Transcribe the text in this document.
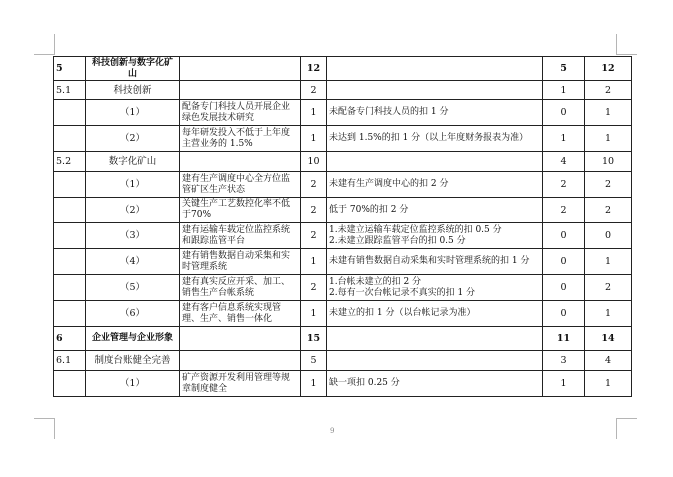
5	科技创新与数字化矿山		12		5	12
5.1	科技创新		2		1	2
	（1）	配备专门科技人员开展企业绿色发展技术研究	1	未配备专门科技人员的扣 1 分	0	1
	（2）	每年研发投入不低于上年度主营业务的 1.5%	1	未达到 1.5%的扣 1 分（以上年度财务报表为准）	1	1
5.2	数字化矿山		10		4	10
	（1）	建有生产调度中心全方位监管矿区生产状态	2	未建有生产调度中心的扣 2 分	2	2
	（2）	关键生产工艺数控化率不低于70%	2	低于 70%的扣 2 分	2	2
	（3）	建有运输车载定位监控系统和跟踪监管平台	2	1.未建立运输车载定位监控系统的扣 0.5 分
2.未建立跟踪监管平台的扣 0.5 分	0	0
	（4）	建有销售数据自动采集和实时管理系统	1	未建有销售数据自动采集和实时管理系统的扣 1 分	0	1
	（5）	建有真实反应开采、加工、销售生产台帐系统	2	1.台帐未建立的扣 2 分
2.每有一次台帐记录不真实的扣 1 分	0	2
	（6）	建有客户信息系统实现管理、生产、销售一体化	1	未建立的扣 1 分（以台帐记录为准）	0	1
6	企业管理与企业形象		15		11	14
6.1	制度台账健全完善		5		3	4
	（1）	矿产资源开发利用管理等规章制度健全	1	缺一项扣 0.25 分	1	1
9
